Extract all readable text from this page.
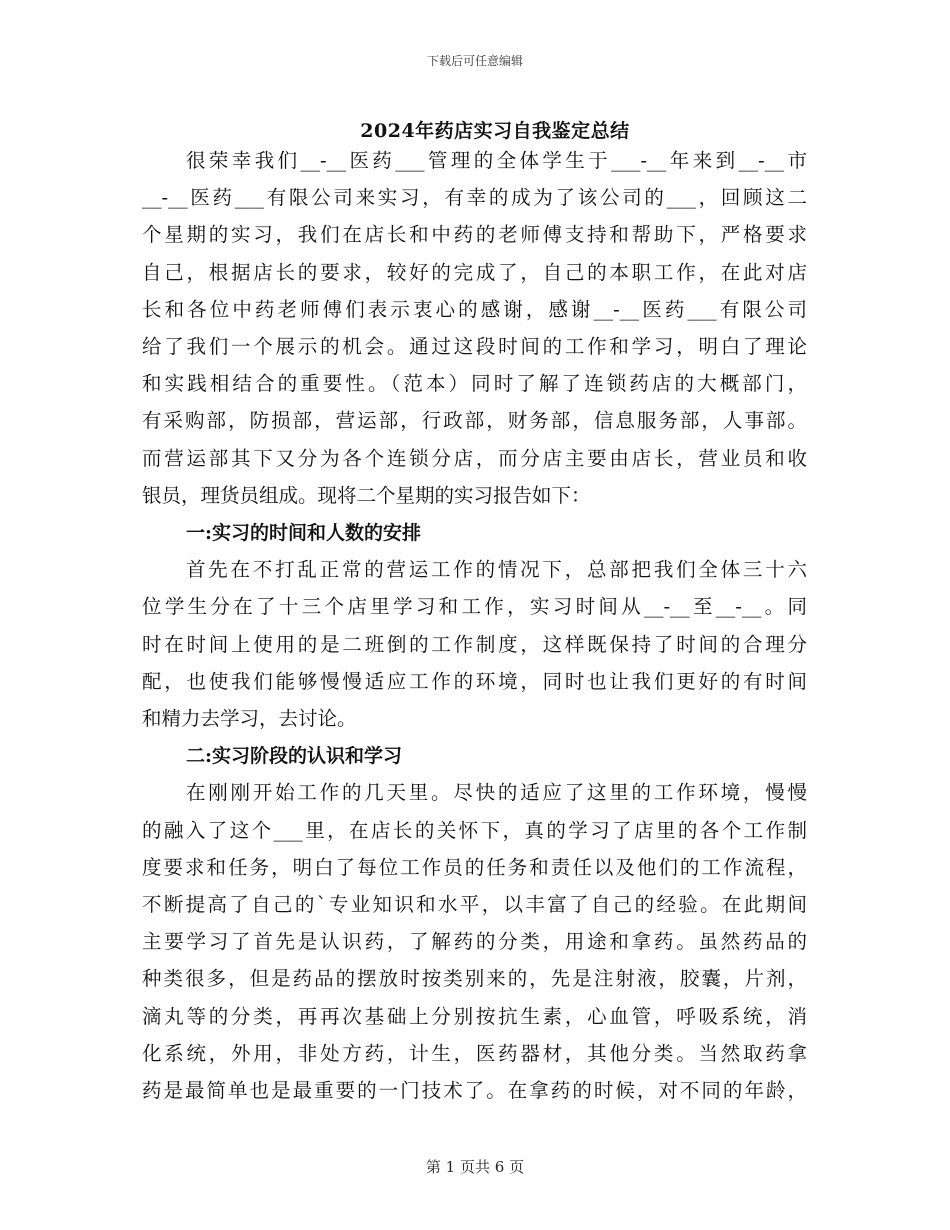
下载后可任意编辑
2024年药店实习自我鉴定总结
很荣幸我们__-__医药___管理的全体学生于___-__年来到__-__市
__-__医药___有限公司来实习，有幸的成为了该公司的___，回顾这二
个星期的实习，我们在店长和中药的老师傅支持和帮助下，严格要求
自己，根据店长的要求，较好的完成了，自己的本职工作，在此对店
长和各位中药老师傅们表示衷心的感谢，感谢__-__医药___有限公司
给了我们一个展示的机会。通过这段时间的工作和学习，明白了理论
和实践相结合的重要性。（范本）同时了解了连锁药店的大概部门，
有采购部，防损部，营运部，行政部，财务部，信息服务部，人事部。
而营运部其下又分为各个连锁分店，而分店主要由店长，营业员和收
银员，理货员组成。现将二个星期的实习报告如下：
一:实习的时间和人数的安排
首先在不打乱正常的营运工作的情况下，总部把我们全体三十六
位学生分在了十三个店里学习和工作，实习时间从__-__至__-__。同
时在时间上使用的是二班倒的工作制度，这样既保持了时间的合理分
配，也使我们能够慢慢适应工作的环境，同时也让我们更好的有时间
和精力去学习，去讨论。
二:实习阶段的认识和学习
在刚刚开始工作的几天里。尽快的适应了这里的工作环境，慢慢
的融入了这个___里，在店长的关怀下，真的学习了店里的各个工作制
度要求和任务，明白了每位工作员的任务和责任以及他们的工作流程，
不断提高了自己的`专业知识和水平，以丰富了自己的经验。在此期间
主要学习了首先是认识药，了解药的分类，用途和拿药。虽然药品的
种类很多，但是药品的摆放时按类别来的，先是注射液，胶囊，片剂，
滴丸等的分类，再再次基础上分别按抗生素，心血管，呼吸系统，消
化系统，外用，非处方药，计生，医药器材，其他分类。当然取药拿
药是最简单也是最重要的一门技术了。在拿药的时候，对不同的年龄，
第 1 页共 6 页
